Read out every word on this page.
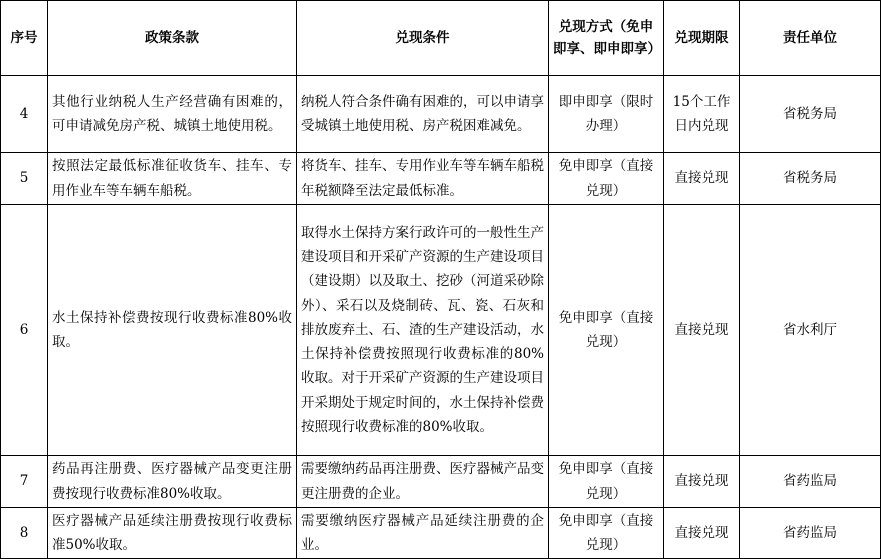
序号	政策条款	兑现条件	兑现方式（免申即享、即申即享）	兑现期限	责任单位
4	其他行业纳税人生产经营确有困难的，可申请减免房产税、城镇土地使用税。	纳税人符合条件确有困难的，可以申请享受城镇土地使用税、房产税困难减免。	即申即享（限时办理）	15个工作日内兑现	省税务局
5	按照法定最低标准征收货车、挂车、专用作业车等车辆车船税。	将货车、挂车、专用作业车等车辆车船税年税额降至法定最低标准。	免申即享（直接兑现）	直接兑现	省税务局
6	水土保持补偿费按现行收费标准80%收取。	取得水土保持方案行政许可的一般性生产建设项目和开采矿产资源的生产建设项目（建设期）以及取土、挖砂（河道采砂除外）、采石以及烧制砖、瓦、瓷、石灰和排放废弃土、石、渣的生产建设活动，水土保持补偿费按照现行收费标准的80%收取。对于开采矿产资源的生产建设项目开采期处于规定时间的，水土保持补偿费按照现行收费标准的80%收取。	免申即享（直接兑现）	直接兑现	省水利厅
7	药品再注册费、医疗器械产品变更注册费按现行收费标准80%收取。	需要缴纳药品再注册费、医疗器械产品变更注册费的企业。	免申即享（直接兑现）	直接兑现	省药监局
8	医疗器械产品延续注册费按现行收费标准50%收取。	需要缴纳医疗器械产品延续注册费的企业。	免申即享（直接兑现）	直接兑现	省药监局
